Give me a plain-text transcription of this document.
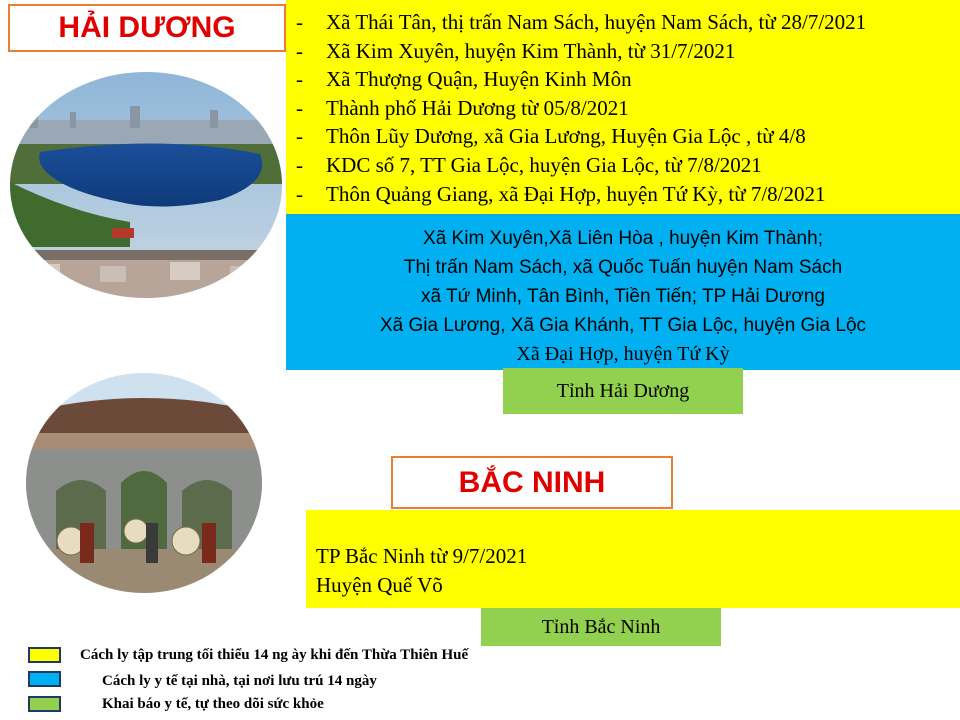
HẢI DƯƠNG	- Xã Thái Tân, thị trấn Nam Sách, huyện Nam Sách, từ 28/7/2021
- Xã Kim Xuyên, huyện Kim Thành, từ 31/7/2021
- Xã Thượng Quận, Huyện Kinh Môn
- Thành phố Hải Dương từ 05/8/2021
- Thôn Lũy Dương, xã Gia Lương, Huyện Gia Lộc , từ 4/8
- KDC số 7, TT Gia Lộc, huyện Gia Lộc, từ 7/8/2021
- Thôn Quảng Giang, xã Đại Hợp, huyện Tứ Kỳ, từ 7/8/2021
Xã Kim Xuyên,Xã Liên Hòa , huyện Kim Thành;
Thị trấn Nam Sách, xã Quốc Tuấn huyện Nam Sách
xã Tứ Minh, Tân Bình, Tiền Tiến; TP Hải Dương
Xã Gia Lương, Xã Gia Khánh, TT Gia Lộc, huyện Gia Lộc
Xã Đại Hợp, huyện Tứ Kỳ
Tỉnh Hải Dương
BẮC NINH
TP Bắc Ninh từ 9/7/2021
Huyện Quế Võ
Tỉnh Bắc Ninh
Cách ly tập trung tối thiểu 14 ng ày khi đến Thừa Thiên Huế
Cách ly y tế tại nhà, tại nơi lưu trú 14 ngày
Khai báo y tế, tự theo dõi sức khỏe
